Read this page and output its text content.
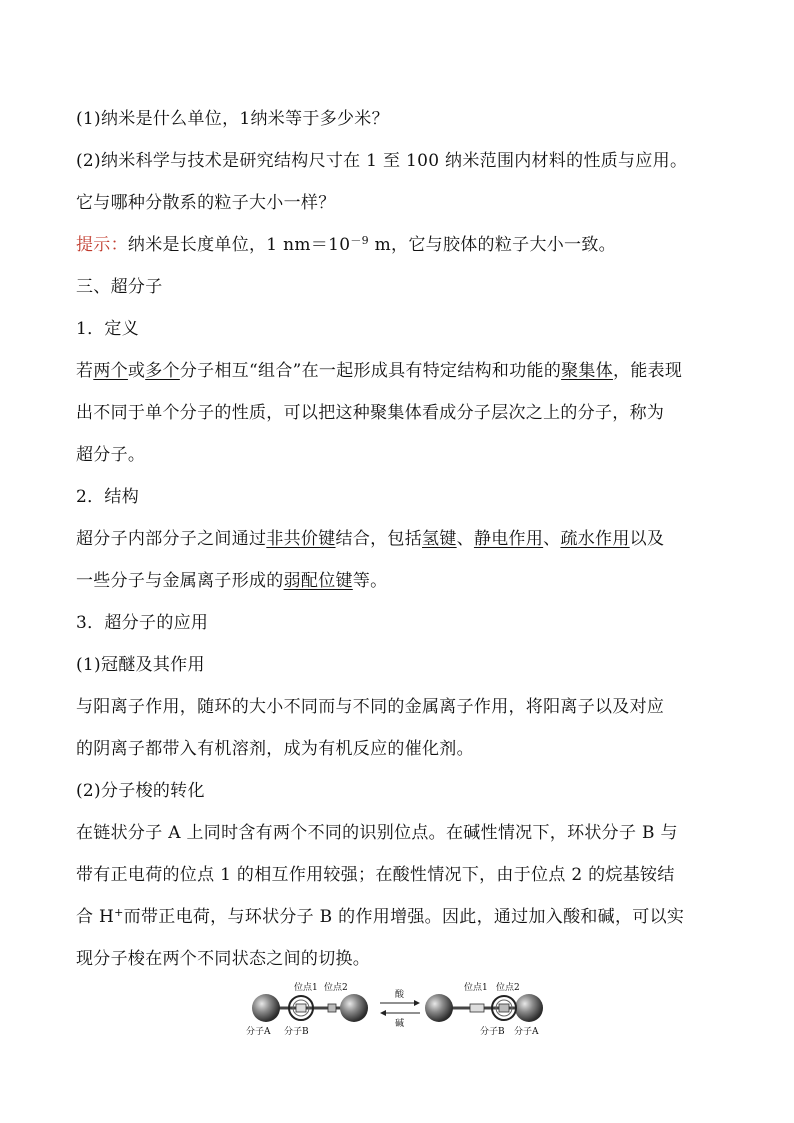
(1)纳米是什么单位，1纳米等于多少米？
(2)纳米科学与技术是研究结构尺寸在 1 至 100 纳米范围内材料的性质与应用。
它与哪种分散系的粒子大小一样？
提示：纳米是长度单位，1 $nm=10^{-9}$ m，它与胶体的粒子大小一致。
三、超分子
1．定义
若两个或多个分子相互“组合”在一起形成具有特定结构和功能的聚集体，能表现
出不同于单个分子的性质，可以把这种聚集体看成分子层次之上的分子，称为
超分子。
2．结构
超分子内部分子之间通过非共价键结合，包括氢键、静电作用、疏水作用以及
一些分子与金属离子形成的弱配位键等。
3．超分子的应用
(1)冠醚及其作用
与阳离子作用，随环的大小不同而与不同的金属离子作用，将阳离子以及对应
的阴离子都带入有机溶剂，成为有机反应的催化剂。
(2)分子梭的转化
在链状分子 A 上同时含有两个不同的识别位点。在碱性情况下，环状分子 B 与
带有正电荷的位点 1 的相互作用较强；在酸性情况下，由于位点 2 的烷基铵结
合 H+而带正电荷，与环状分子 B 的作用增强。因此，通过加入酸和碱，可以实
现分子梭在两个不同状态之间的切换。
位点1 位点2
分子A 分子B
酸
碱
位点1 位点2
分子B 分子A
